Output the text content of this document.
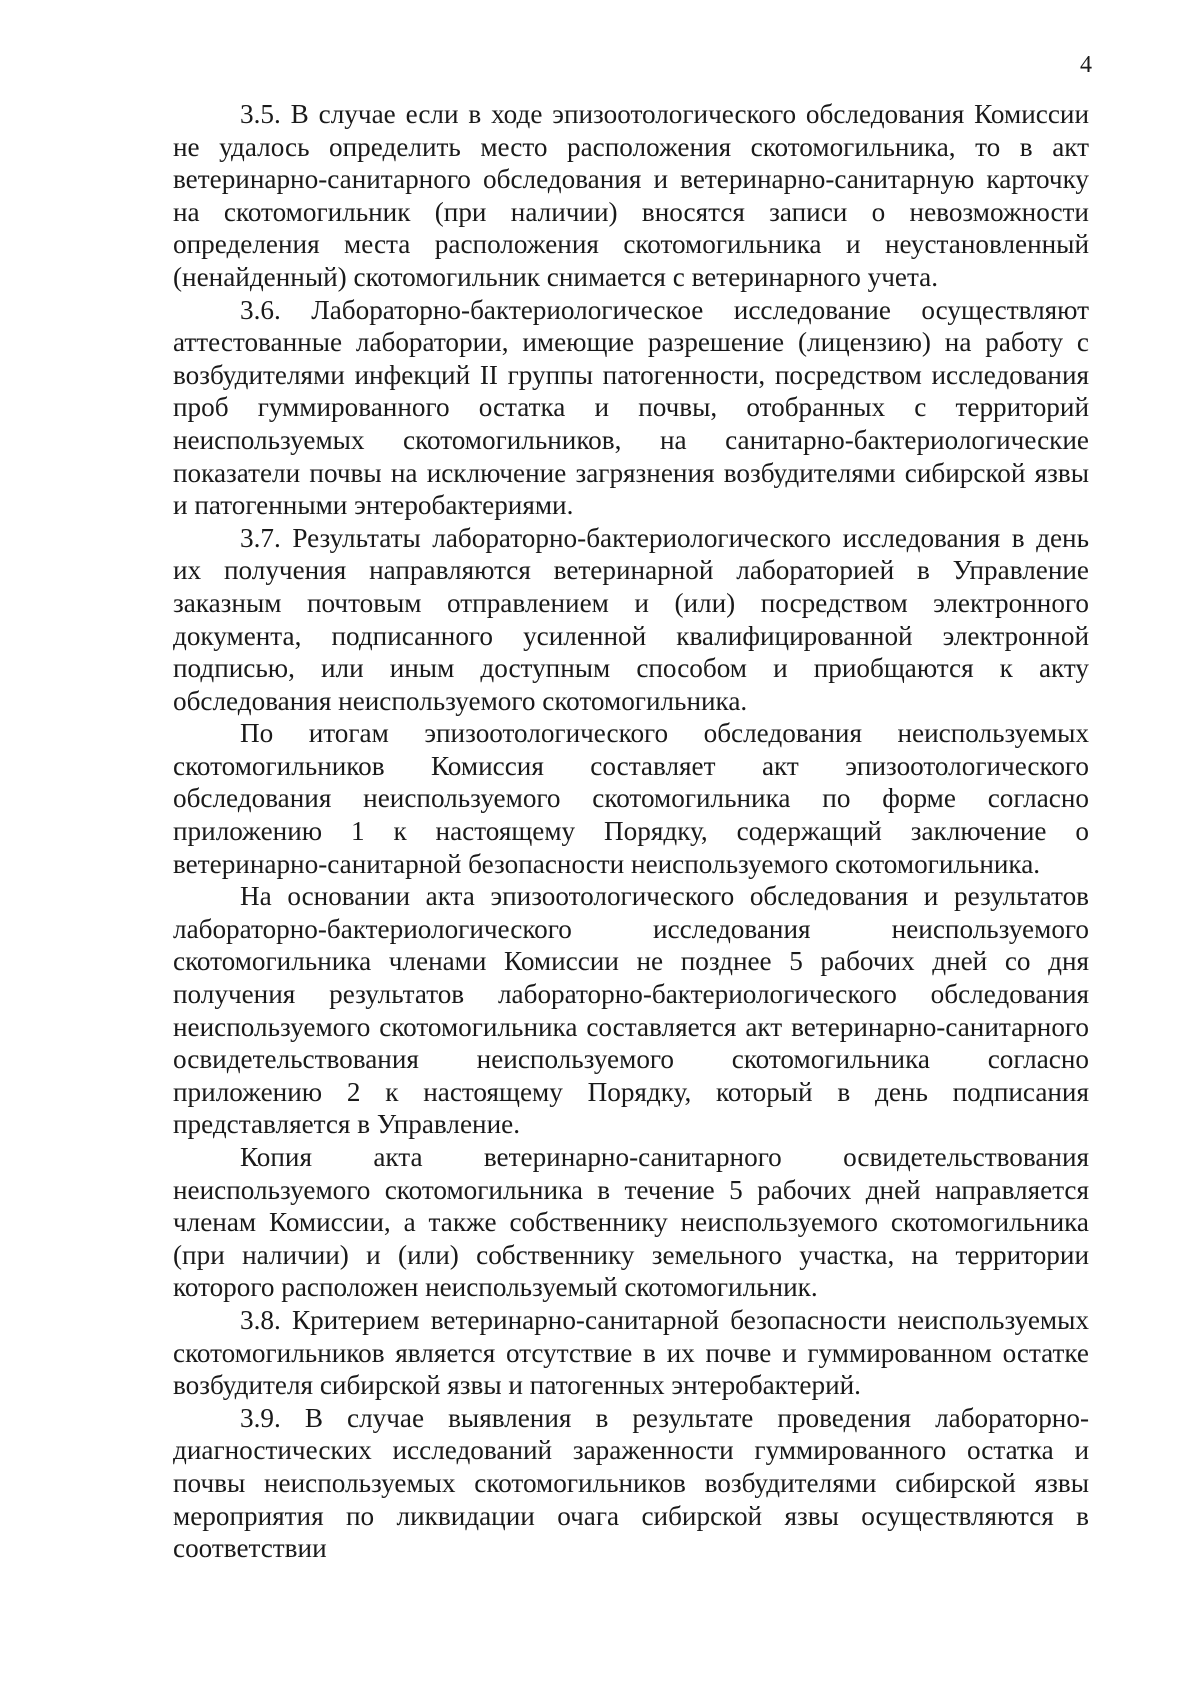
4

3.5. В случае если в ходе эпизоотологического обследования Комиссии не удалось определить место расположения скотомогильника, то в акт ветеринарно-санитарного обследования и ветеринарно-санитарную карточку на скотомогильник (при наличии) вносятся записи о невозможности определения места расположения скотомогильника и неустановленный (ненайденный) скотомогильник снимается с ветеринарного учета.

3.6. Лабораторно-бактериологическое исследование осуществляют аттестованные лаборатории, имеющие разрешение (лицензию) на работу с возбудителями инфекций II группы патогенности, посредством исследования проб гуммированного остатка и почвы, отобранных с территорий неиспользуемых скотомогильников, на санитарно-бактериологические показатели почвы на исключение загрязнения возбудителями сибирской язвы и патогенными энтеробактериями.

3.7. Результаты лабораторно-бактериологического исследования в день их получения направляются ветеринарной лабораторией в Управление заказным почтовым отправлением и (или) посредством электронного документа, подписанного усиленной квалифицированной электронной подписью, или иным доступным способом и приобщаются к акту обследования неиспользуемого скотомогильника.

По итогам эпизоотологического обследования неиспользуемых скотомогильников Комиссия составляет акт эпизоотологического обследования неиспользуемого скотомогильника по форме согласно приложению 1 к настоящему Порядку, содержащий заключение о ветеринарно-санитарной безопасности неиспользуемого скотомогильника.

На основании акта эпизоотологического обследования и результатов лабораторно-бактериологического исследования неиспользуемого скотомогильника членами Комиссии не позднее 5 рабочих дней со дня получения результатов лабораторно-бактериологического обследования неиспользуемого скотомогильника составляется акт ветеринарно-санитарного освидетельствования неиспользуемого скотомогильника согласно приложению 2 к настоящему Порядку, который в день подписания представляется в Управление.

Копия акта ветеринарно-санитарного освидетельствования неиспользуемого скотомогильника в течение 5 рабочих дней направляется членам Комиссии, а также собственнику неиспользуемого скотомогильника (при наличии) и (или) собственнику земельного участка, на территории которого расположен неиспользуемый скотомогильник.

3.8. Критерием ветеринарно-санитарной безопасности неиспользуемых скотомогильников является отсутствие в их почве и гуммированном остатке возбудителя сибирской язвы и патогенных энтеробактерий.

3.9. В случае выявления в результате проведения лабораторно-диагностических исследований зараженности гуммированного остатка и почвы неиспользуемых скотомогильников возбудителями сибирской язвы мероприятия по ликвидации очага сибирской язвы осуществляются в соответствии
